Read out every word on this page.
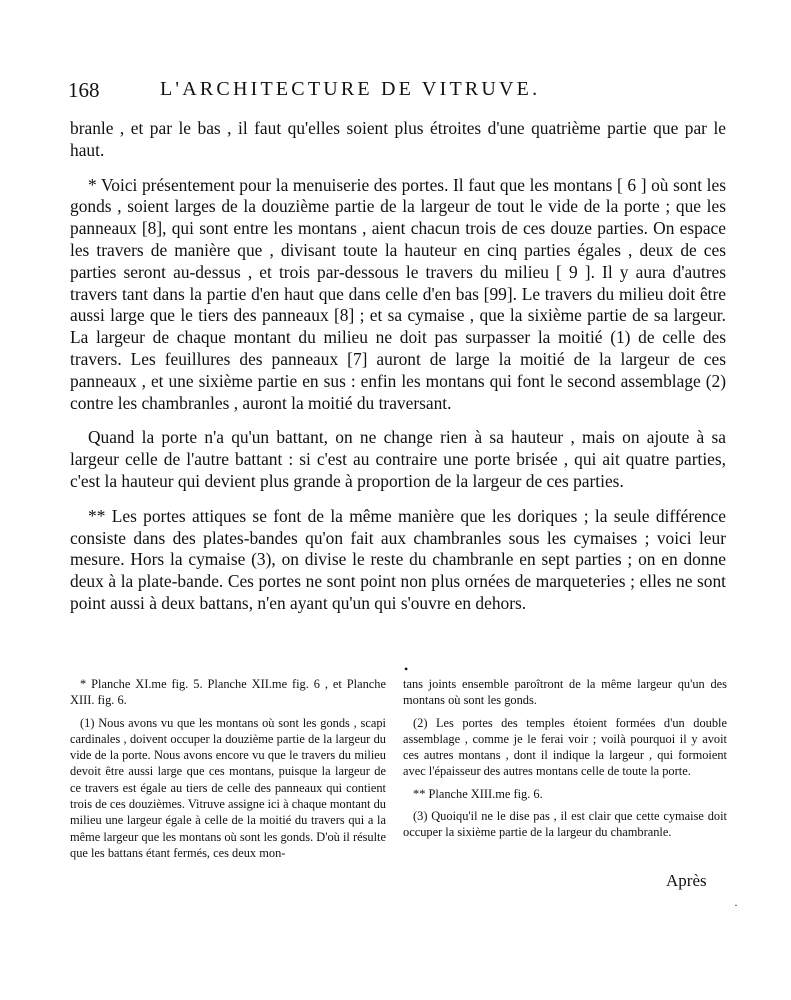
168	L'ARCHITECTURE DE VITRUVE.

branle , et par le bas , il faut qu'elles soient plus étroites d'une quatrième partie que par le haut.

* Voici présentement pour la menuiserie des portes. Il faut que les montans [ 6 ] où sont les gonds , soient larges de la douzième partie de la largeur de tout le vide de la porte ; que les panneaux [8], qui sont entre les montans , aient chacun trois de ces douze parties. On espace les travers de manière que , divisant toute la hauteur en cinq parties égales , deux de ces parties seront au-dessus , et trois par-dessous le travers du milieu [ 9 ]. Il y aura d'autres travers tant dans la partie d'en haut que dans celle d'en bas [99]. Le travers du milieu doit être aussi large que le tiers des panneaux [8] ; et sa cymaise , que la sixième partie de sa largeur. La largeur de chaque montant du milieu ne doit pas surpasser la moitié (1) de celle des travers. Les feuillures des panneaux [7] auront de large la moitié de la largeur de ces panneaux , et une sixième partie en sus : enfin les montans qui font le second assemblage (2) contre les chambranles , auront la moitié du traversant.

Quand la porte n'a qu'un battant, on ne change rien à sa hauteur , mais on ajoute à sa largeur celle de l'autre battant : si c'est au contraire une porte brisée , qui ait quatre parties, c'est la hauteur qui devient plus grande à proportion de la largeur de ces parties.

** Les portes attiques se font de la même manière que les doriques ; la seule différence consiste dans des plates-bandes qu'on fait aux chambranles sous les cymaises ; voici leur mesure. Hors la cymaise (3), on divise le reste du chambranle en sept parties ; on en donne deux à la plate-bande. Ces portes ne sont point non plus ornées de marqueteries ; elles ne sont point aussi à deux battans, n'en ayant qu'un qui s'ouvre en dehors.

•

* Planche XI.me fig. 5. Planche XII.me fig. 6 , et Planche XIII. fig. 6.

(1) Nous avons vu que les montans où sont les gonds , scapi cardinales , doivent occuper la douzième partie de la largeur du vide de la porte. Nous avons encore vu que le travers du milieu devoit être aussi large que ces montans, puisque la largeur de ce travers est égale au tiers de celle des panneaux qui contient trois de ces douzièmes. Vitruve assigne ici à chaque montant du milieu une largeur égale à celle de la moitié du travers qui a la même largeur que les montans où sont les gonds. D'où il résulte que les battans étant fermés, ces deux mon-

tans joints ensemble paroîtront de la même largeur qu'un des montans où sont les gonds.

(2) Les portes des temples étoient formées d'un double assemblage , comme je le ferai voir ; voilà pourquoi il y avoit ces autres montans , dont il indique la largeur , qui formoient avec l'épaisseur des autres montans celle de toute la porte.

** Planche XIII.me fig. 6.

(3) Quoiqu'il ne le dise pas , il est clair que cette cymaise doit occuper la sixième partie de la largeur du chambranle.

Après
·
